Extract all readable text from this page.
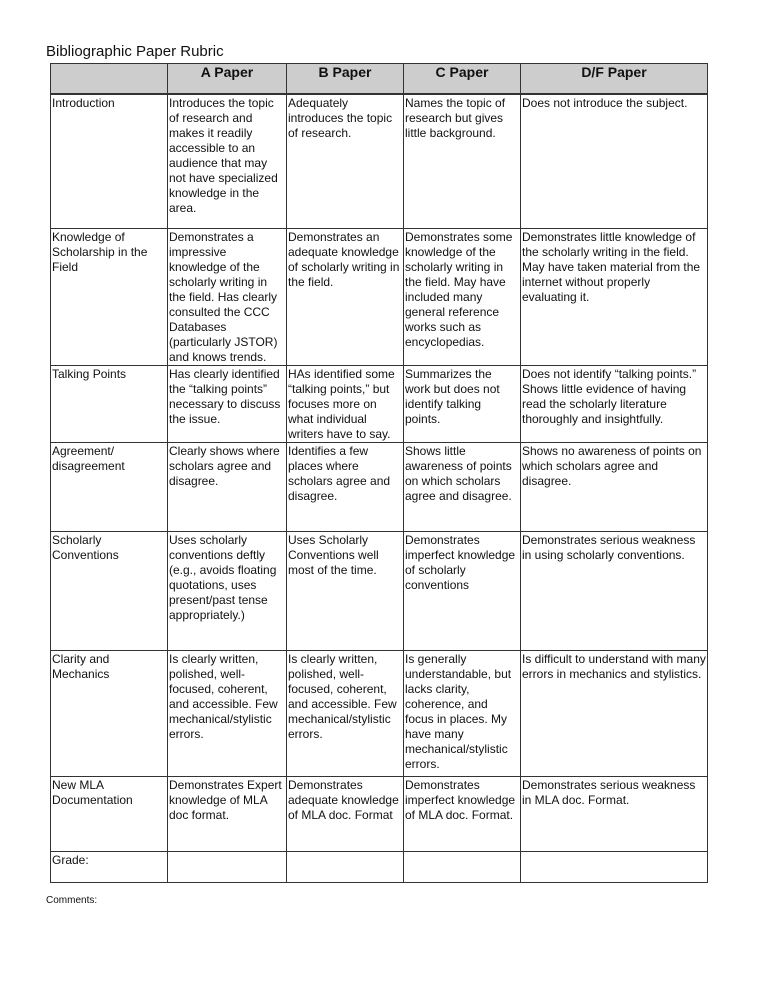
Bibliographic Paper Rubric
	A Paper	B Paper	C Paper	D/F Paper
Introduction	Introduces the topic of research and makes it readily accessible to an audience that may not have specialized knowledge in the area.	Adequately introduces the topic of research.	Names the topic of research but gives little background.	Does not introduce the subject.
Knowledge of Scholarship in the Field	Demonstrates a impressive knowledge of the scholarly writing in the field. Has clearly consulted the CCC Databases (particularly JSTOR) and knows trends.	Demonstrates an adequate knowledge of scholarly writing in the field.	Demonstrates some knowledge of the scholarly writing in the field. May have included many general reference works such as encyclopedias.	Demonstrates little knowledge of the scholarly writing in the field. May have taken material from the internet without properly evaluating it.
Talking Points	Has clearly identified the “talking points” necessary to discuss the issue.	HAs identified some “talking points,” but focuses more on what individual writers have to say.	Summarizes the work but does not identify talking points.	Does not identify “talking points.” Shows little evidence of having read the scholarly literature thoroughly and insightfully.
Agreement/ disagreement	Clearly shows where scholars agree and disagree.	Identifies a few places where scholars agree and disagree.	Shows little awareness of points on which scholars agree and disagree.	Shows no awareness of points on which scholars agree and disagree.
Scholarly Conventions	Uses scholarly conventions deftly (e.g., avoids floating quotations, uses present/past tense appropriately.)	Uses Scholarly Conventions well most of the time.	Demonstrates imperfect knowledge of scholarly conventions	Demonstrates serious weakness in using scholarly conventions.
Clarity and Mechanics	Is clearly written, polished, well-focused, coherent, and accessible. Few mechanical/stylistic errors.	Is clearly written, polished, well-focused, coherent, and accessible. Few mechanical/stylistic errors.	Is generally understandable, but lacks clarity, coherence, and focus in places. My have many mechanical/stylistic errors.	Is difficult to understand with many errors in mechanics and stylistics.
New MLA Documentation	Demonstrates Expert knowledge of MLA doc format.	Demonstrates adequate knowledge of MLA doc. Format	Demonstrates imperfect knowledge of MLA doc. Format.	Demonstrates serious weakness in MLA doc. Format.
Grade:				
Comments:
